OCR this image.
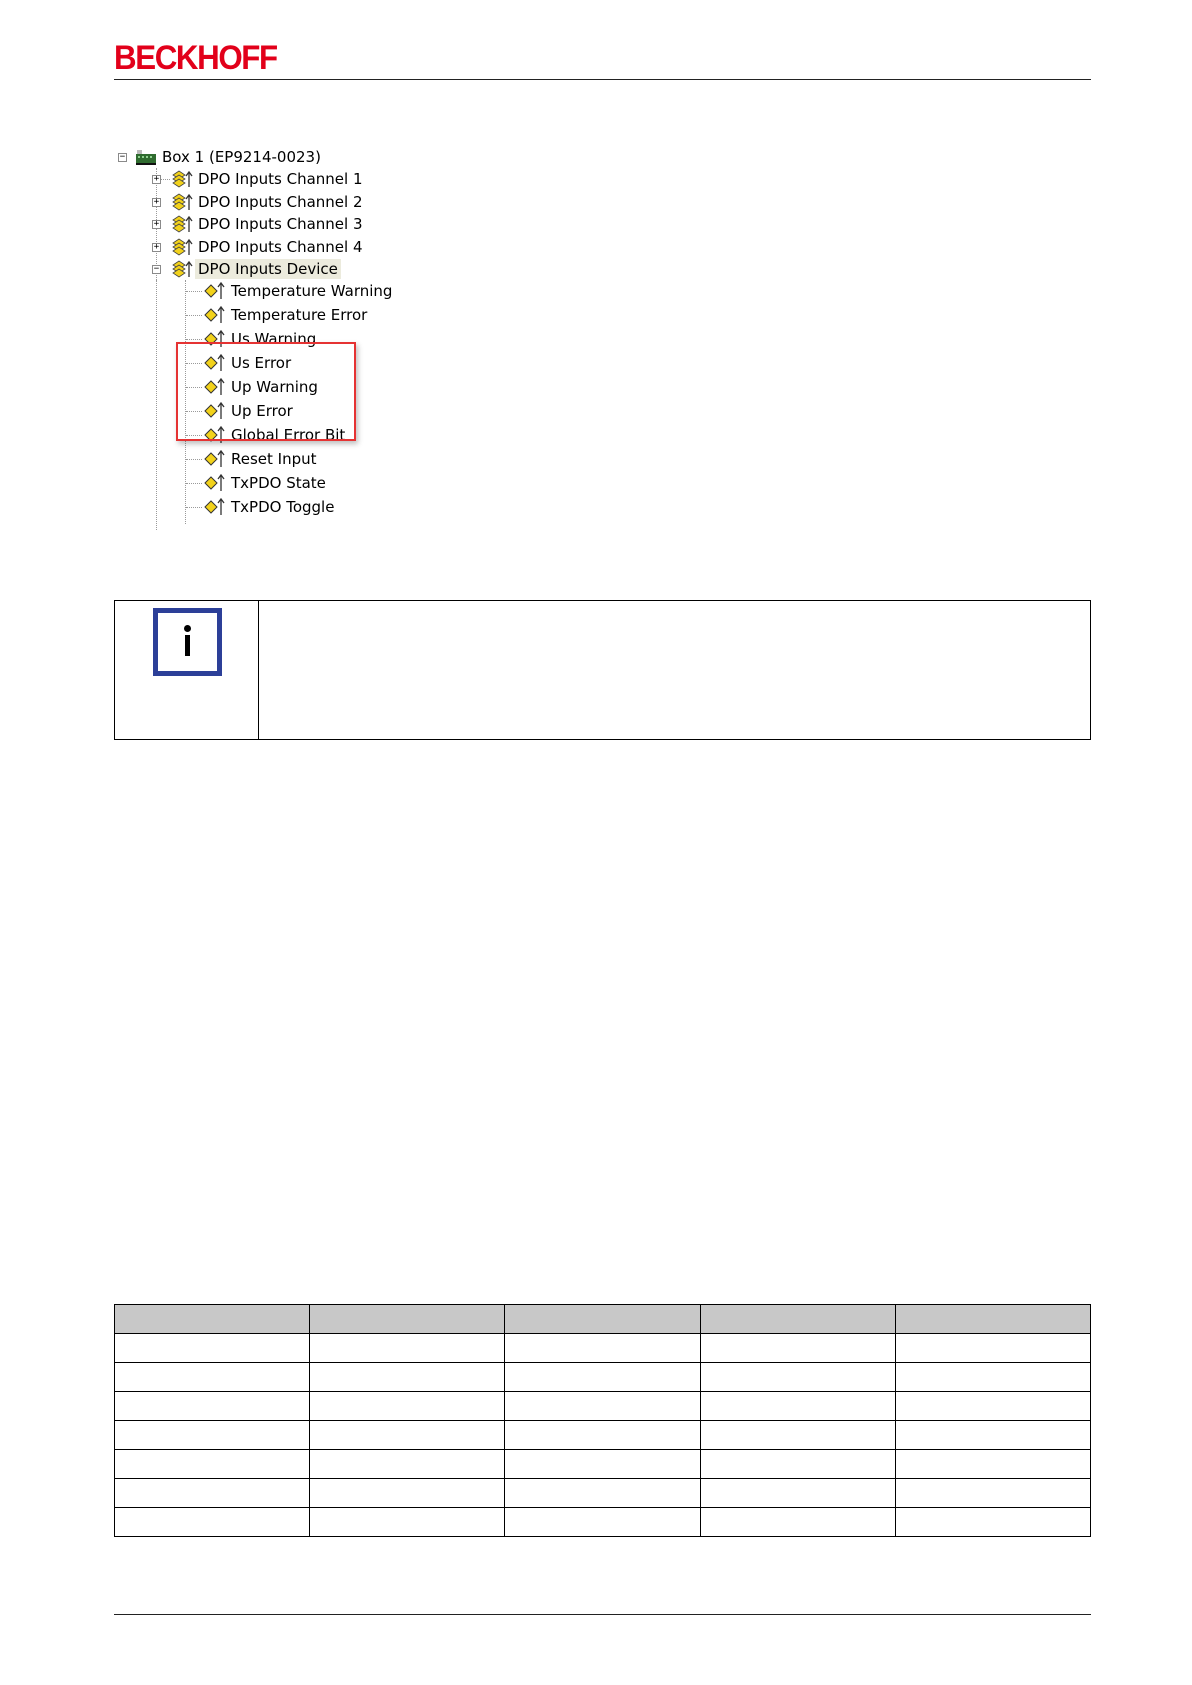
BECKHOFF
− Box 1 (EP9214-0023)
+	DPO Inputs Channel 1
+	DPO Inputs Channel 2
+	DPO Inputs Channel 3
+	DPO Inputs Channel 4
−	DPO Inputs Device
Temperature Warning
Temperature Error
Us Warning
Us Error
Up Warning
Up Error
Global Error Bit
Reset Input
TxPDO State
TxPDO Toggle
